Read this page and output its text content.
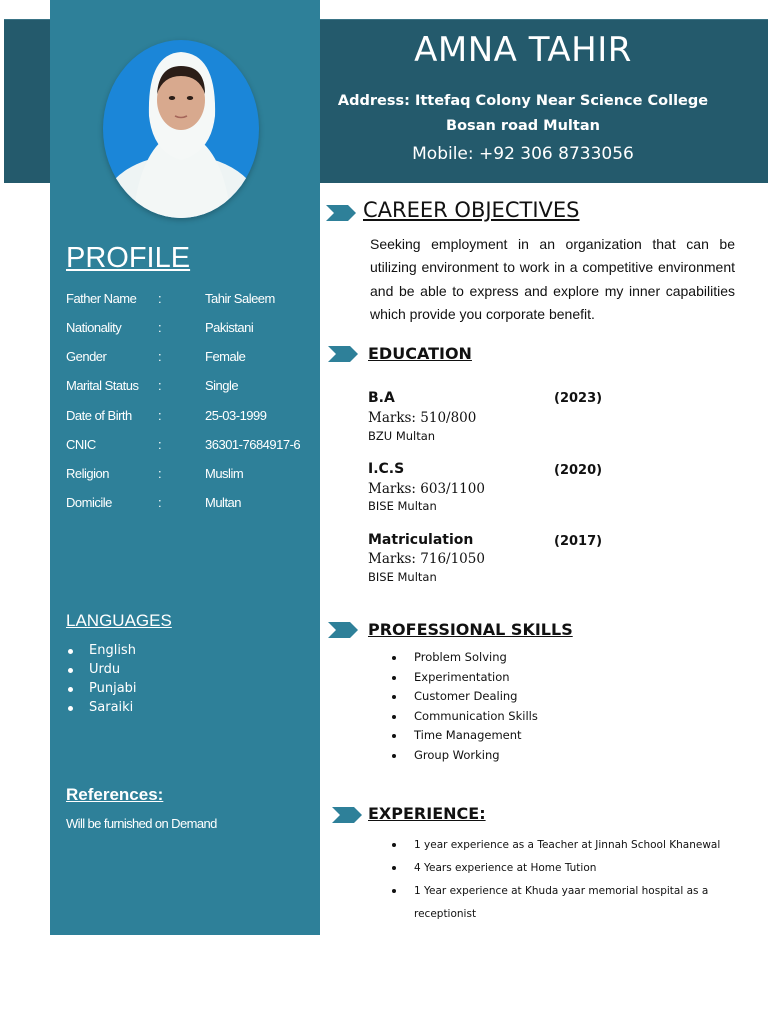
AMNA TAHIR
Address: Ittefaq Colony Near Science College
Bosan road Multan
Mobile: +92 306 8733056
PROFILE
Father Name :	Tahir Saleem
Nationality	:	Pakistani
Gender	:	Female
Marital Status :	Single
Date of Birth :	25-03-1999
CNIC	:	36301-7684917-6
Religion	:	Muslim
Domicile	:	Multan
LANGUAGES
English
Urdu
Punjabi
Saraiki
References:
Will be furnished on Demand
CAREER OBJECTIVES

Seeking employment in an organization that can be utilizing environment to work in a competitive environment and be able to express and explore my inner capabilities which provide you corporate benefit.

EDUCATION
B.A	(2023)
Marks: 510/800
BZU Multan
I.C.S	(2020)
Marks: 603/1100
BISE Multan
Matriculation	(2017)
Marks: 716/1050
BISE Multan
PROFESSIONAL SKILLS
Problem Solving
Experimentation
Customer Dealing
Communication Skills
Time Management
Group Working
EXPERIENCE:
1 year experience as a Teacher at Jinnah School Khanewal
4 Years experience at Home Tution
1 Year experience at Khuda yaar memorial hospital as a receptionist
